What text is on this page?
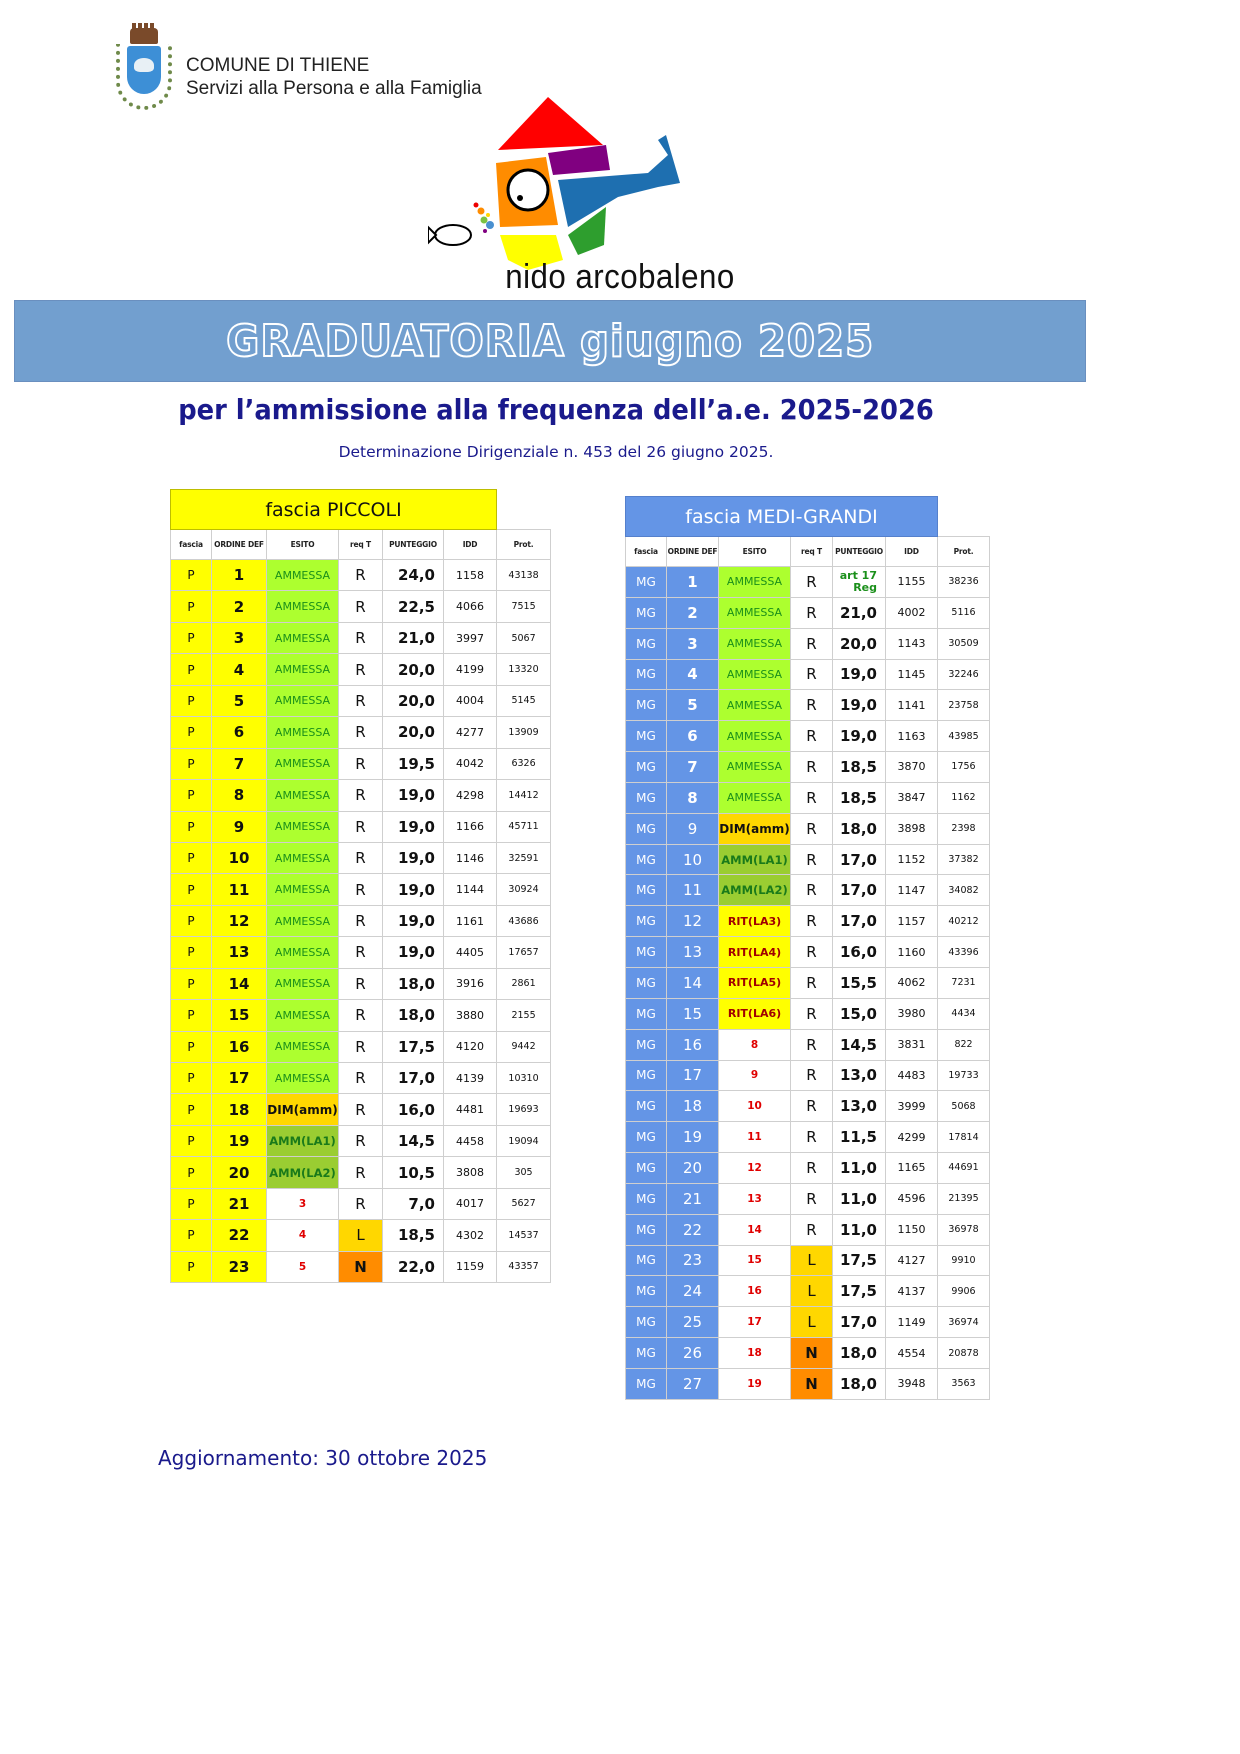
COMUNE DI THIENE
Servizi alla Persona e alla Famiglia
nido arcobaleno
GRADUATORIA giugno 2025
per l’ammissione alla frequenza dell’a.e. 2025-2026
Determinazione Dirigenziale n. 453 del 26 giugno 2025.
fascia PICCOLI						
fascia	ORDINE DEF	ESITO	req T	PUNTEGGIO	IDD	Prot.
P	1	AMMESSA	R	24,0	1158	43138
P	2	AMMESSA	R	22,5	4066	7515
P	3	AMMESSA	R	21,0	3997	5067
P	4	AMMESSA	R	20,0	4199	13320
P	5	AMMESSA	R	20,0	4004	5145
P	6	AMMESSA	R	20,0	4277	13909
P	7	AMMESSA	R	19,5	4042	6326
P	8	AMMESSA	R	19,0	4298	14412
P	9	AMMESSA	R	19,0	1166	45711
P	10	AMMESSA	R	19,0	1146	32591
P	11	AMMESSA	R	19,0	1144	30924
P	12	AMMESSA	R	19,0	1161	43686
P	13	AMMESSA	R	19,0	4405	17657
P	14	AMMESSA	R	18,0	3916	2861
P	15	AMMESSA	R	18,0	3880	2155
P	16	AMMESSA	R	17,5	4120	9442
P	17	AMMESSA	R	17,0	4139	10310
P	18	DIM(amm)	R	16,0	4481	19693
P	19	AMM(LA1)	R	14,5	4458	19094
P	20	AMM(LA2)	R	10,5	3808	305
P	21	3	R	7,0	4017	5627
P	22	4	L	18,5	4302	14537
P	23	5	N	22,0	1159	43357
fascia MEDI-GRANDI						
fascia	ORDINE DEF	ESITO	req T	PUNTEGGIO	IDD	Prot.
MG	1	AMMESSA	R	art 17 Reg	1155	38236
MG	2	AMMESSA	R	21,0	4002	5116
MG	3	AMMESSA	R	20,0	1143	30509
MG	4	AMMESSA	R	19,0	1145	32246
MG	5	AMMESSA	R	19,0	1141	23758
MG	6	AMMESSA	R	19,0	1163	43985
MG	7	AMMESSA	R	18,5	3870	1756
MG	8	AMMESSA	R	18,5	3847	1162
MG	9	DIM(amm)	R	18,0	3898	2398
MG	10	AMM(LA1)	R	17,0	1152	37382
MG	11	AMM(LA2)	R	17,0	1147	34082
MG	12	RIT(LA3)	R	17,0	1157	40212
MG	13	RIT(LA4)	R	16,0	1160	43396
MG	14	RIT(LA5)	R	15,5	4062	7231
MG	15	RIT(LA6)	R	15,0	3980	4434
MG	16	8	R	14,5	3831	822
MG	17	9	R	13,0	4483	19733
MG	18	10	R	13,0	3999	5068
MG	19	11	R	11,5	4299	17814
MG	20	12	R	11,0	1165	44691
MG	21	13	R	11,0	4596	21395
MG	22	14	R	11,0	1150	36978
MG	23	15	L	17,5	4127	9910
MG	24	16	L	17,5	4137	9906
MG	25	17	L	17,0	1149	36974
MG	26	18	N	18,0	4554	20878
MG	27	19	N	18,0	3948	3563
Aggiornamento: 30 ottobre 2025
